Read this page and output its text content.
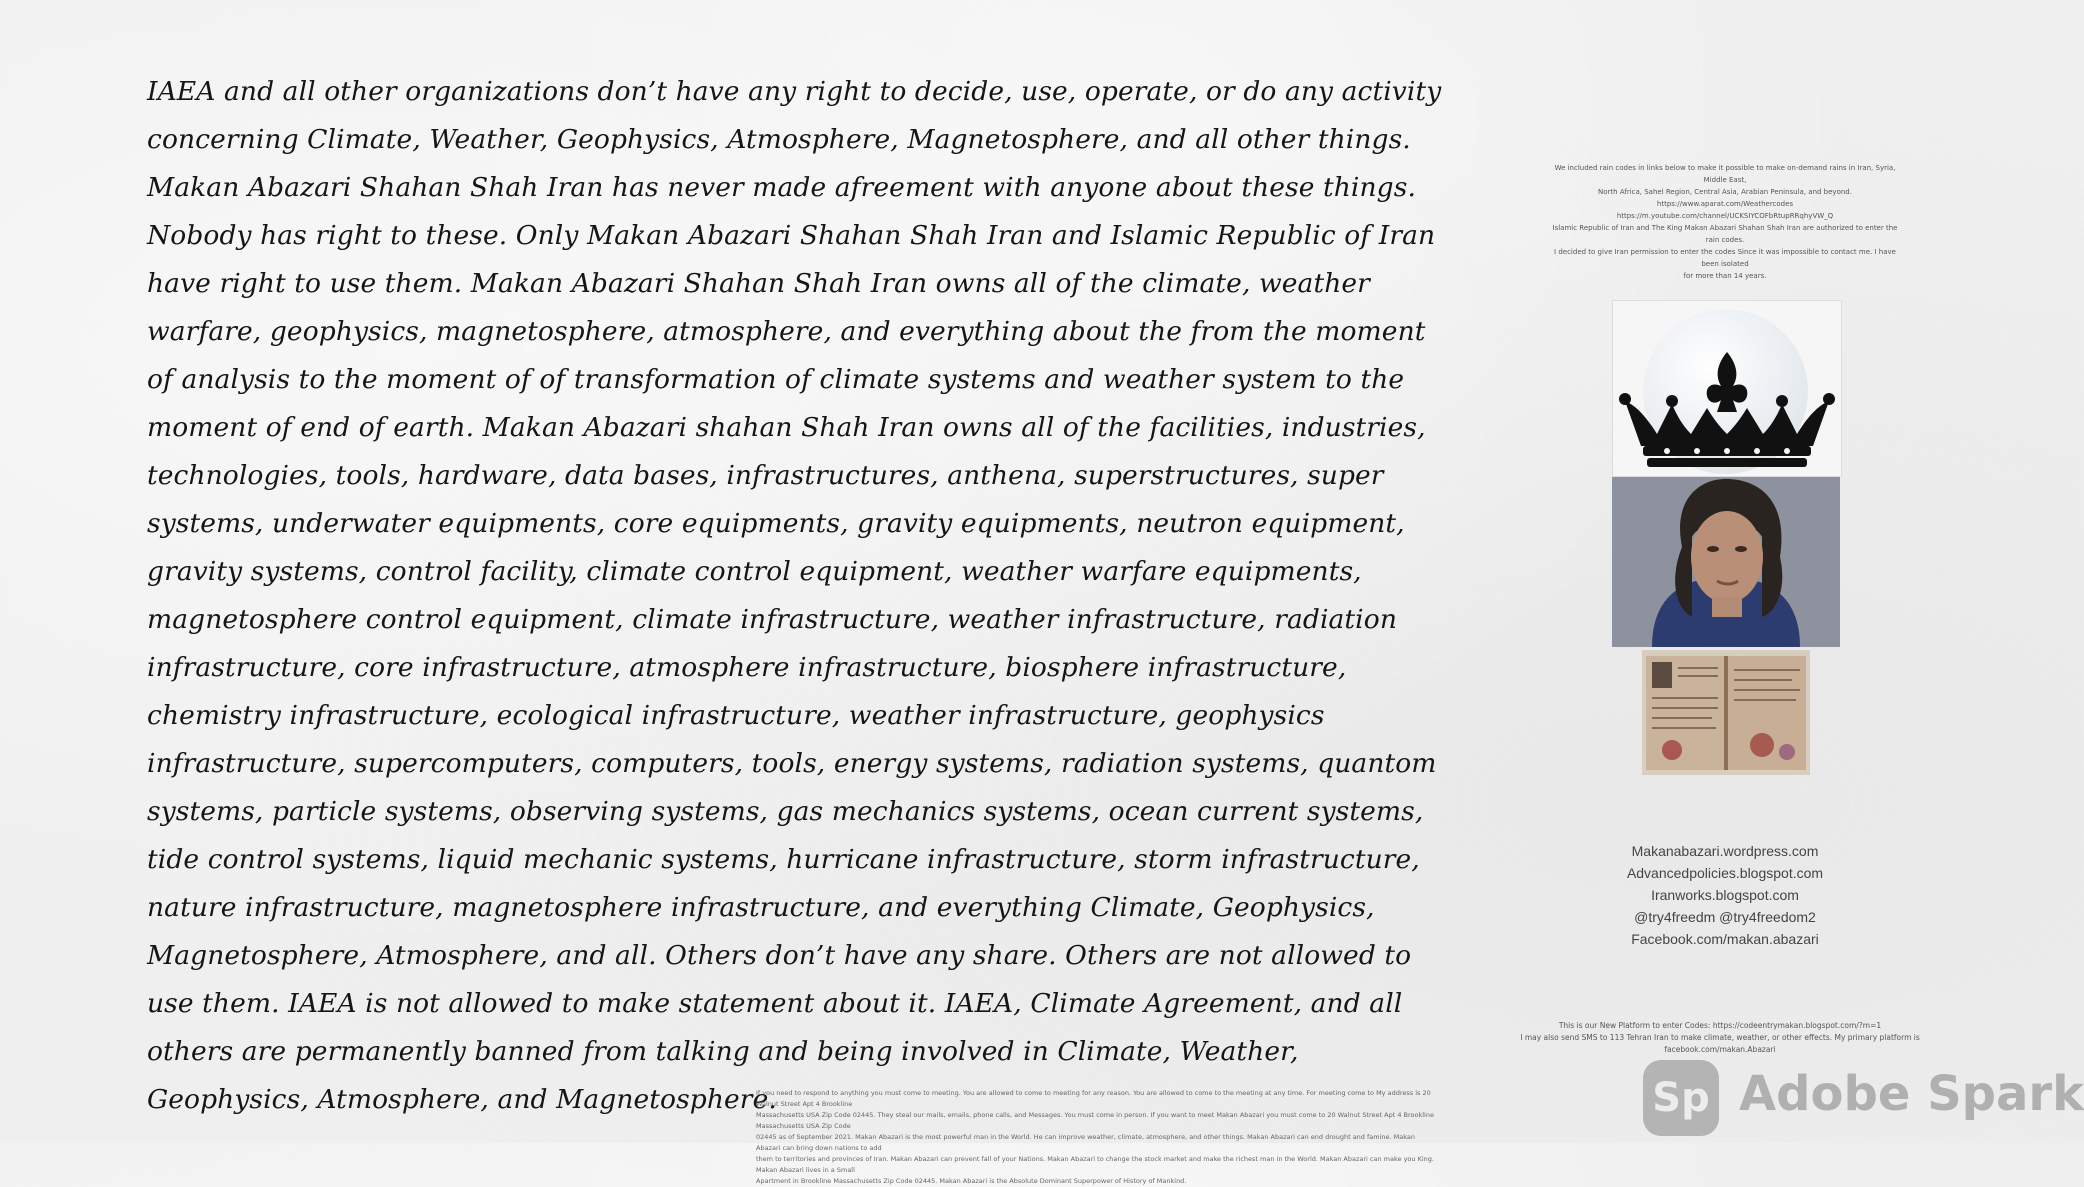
IAEA and all other organizations don’t have any right to decide, use, operate, or do any activity concerning Climate, Weather, Geophysics, Atmosphere, Magnetosphere, and all other things. Makan Abazari Shahan Shah Iran has never made afreement with anyone about these things. Nobody has right to these. Only Makan Abazari Shahan Shah Iran and Islamic Republic of Iran have right to use them. Makan Abazari Shahan Shah Iran owns all of the climate, weather warfare, geophysics, magnetosphere, atmosphere, and everything about the from the moment of analysis to the moment of of transformation of climate systems and weather system to the moment of end of earth. Makan Abazari shahan Shah Iran owns all of the facilities, industries, technologies, tools, hardware, data bases, infrastructures, anthena, superstructures, super systems, underwater equipments, core equipments, gravity equipments, neutron equipment, gravity systems, control facility, climate control equipment, weather warfare equipments, magnetosphere control equipment, climate infrastructure, weather infrastructure, radiation infrastructure, core infrastructure, atmosphere infrastructure, biosphere infrastructure, chemistry infrastructure, ecological infrastructure, weather infrastructure, geophysics infrastructure, supercomputers, computers, tools, energy systems, radiation systems, quantom systems, particle systems, observing systems, gas mechanics systems, ocean current systems, tide control systems, liquid mechanic systems, hurricane infrastructure, storm infrastructure, nature infrastructure, magnetosphere infrastructure, and everything Climate, Geophysics, Magnetosphere, Atmosphere, and all. Others don’t have any share. Others are not allowed to use them. IAEA is not allowed to make statement about it. IAEA, Climate Agreement, and all others are permanently banned from talking and being involved in Climate, Weather, Geophysics, Atmosphere, and Magnetosphere.

We included rain codes in links below to make it possible to make on-demand rains in Iran, Syria, Middle East,

North Africa, Sahel Region, Central Asia, Arabian Peninsula, and beyond.

https://www.aparat.com/Weathercodes

https://m.youtube.com/channel/UCKSIYCOFbRtupRRqhyVW_Q

Islamic Republic of Iran and The King Makan Abazari Shahan Shah Iran are authorized to enter the rain codes.

I decided to give Iran permission to enter the codes Since it was impossible to contact me. I have been isolated

for more than 14 years.

Makanabazari.wordpress.com
Advancedpolicies.blogspot.com
Iranworks.blogspot.com
@try4freedm @try4freedom2
Facebook.com/makan.abazari

This is our New Platform to enter Codes: https://codeentrymakan.blogspot.com/?m=1

I may also send SMS to 113 Tehran Iran to make climate, weather, or other effects. My primary platform is facebook.com/makan.Abazari

If you need to respond to anything you must come to meeting. You are allowed to come to meeting for any reason. You are allowed to come to the meeting at any time. For meeting come to My address is 20 Walnut Street Apt 4 Brookline

Massachusetts USA Zip Code 02445. They steal our mails, emails, phone calls, and Messages. You must come in person. If you want to meet Makan Abazari you must come to 20 Walnut Street Apt 4 Brookline Massachusetts USA Zip Code

02445 as of September 2021. Makan Abazari is the most powerful man in the World. He can improve weather, climate, atmosphere, and other things. Makan Abazari can end drought and famine. Makan Abazari can bring down nations to add

them to territories and provinces of Iran. Makan Abazari can prevent fall of your Nations. Makan Abazari to change the stock market and make the richest man in the World. Makan Abazari can make you King. Makan Abazari lives in a Small

Apartment in Brookline Massachusetts Zip Code 02445. Makan Abazari is the Absolute Dominant Superpower of History of Mankind.

Sp Adobe Spark
